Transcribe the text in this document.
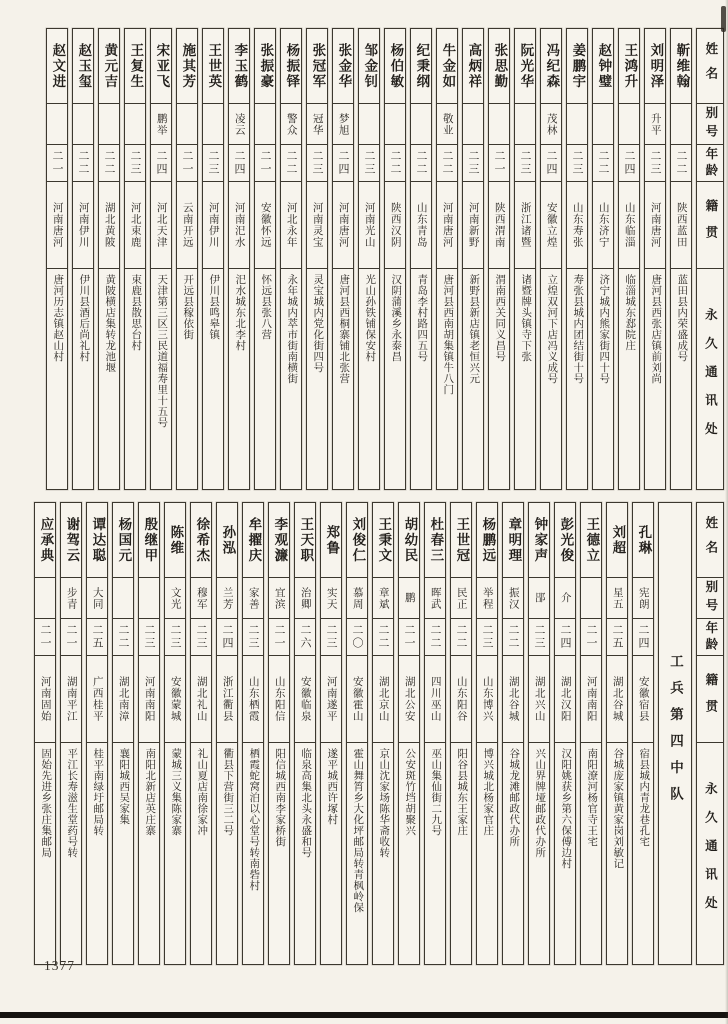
姓名
别号
年龄
籍贯
永久通讯处
靳维翰
二二
陕西蓝田
蓝田县内荣盛成号
刘明泽
升平
二三
河南唐河
唐河县西张店镇前刘尚
王鸿升
二四
山东临淄
临淄城东郄院庄
赵钟璧
二二
山东济宁
济宁城内熊家街四十号
姜鹏宇
二三
山东寿张
寿张县城内团结街十号
冯纪森
茂林
二四
安徽立煌
立煌双河下店冯义成号
阮光华
二三
浙江诸暨
诸暨牌头镇寺下张
张思勤
二一
陕西渭南
渭南西关同义昌号
高炳祥
二三
河南新野
新野县新店镇老恒兴元
牛金如
敬业
二二
河南唐河
唐河县西南胡集镇牛八门
纪秉纲
二二
山东青岛
青岛李村路四五号
杨伯敏
二二
陕西汉阴
汉阴蒲溪乡永泰昌
邹金钊
二三
河南光山
光山孙铁铺保安村
张金华
梦旭
二四
河南唐河
唐河县西桐寨铺北张营
张冠军
冠华
二三
河南灵宝
灵宝城内党化街四号
杨振铎
警众
二二
河北永年
永年城内萃市街南横街
张振豪
二一
安徽怀远
怀远县张八营
李玉鹤
凌云
二四
河南汜水
汜水城东北李村
王世英
二三
河南伊川
伊川县鸣皋镇
施其芳
二一
云南开远
开远县稼依街
宋亚飞
鹏举
二四
河北天津
天津第三区三民道福寿里十五号
王复生
二三
河北束鹿
束鹿县散思台村
黄元吉
二二
湖北黄陂
黄陂横店集转龙池堰
赵玉玺
二二
河南伊川
伊川县酒后尚礼村
赵文进
二一
河南唐河
唐河历志镇赵山村
姓名
别号
年龄
籍贯
永久通讯处
工兵第四中队
孔琳
宪朗
二四
安徽宿县
宿县城内青龙巷孔宅
刘超
星五
二五
湖北谷城
谷城庞家镇黄家岗刘敏记
王德立
二一
河南南阳
南阳潦河杨官寺王宅
彭光俊
介
二四
湖北汉阳
汉阳姚获乡第六保傅边村
钟家声
郘
二三
湖北兴山
兴山界牌垭邮政代办所
章明理
振汉
二二
湖北谷城
谷城龙滩邮政代办所
杨鹏远
举程
二三
山东博兴
博兴城北杨家官庄
王世冠
民正
二二
山东阳谷
阳谷县城东王家庄
杜春三
晖武
二二
四川巫山
巫山集仙街二九号
胡幼民
鹏
二一
湖北公安
公安斑竹垱胡聚兴
王秉文
章斌
二二
湖北京山
京山沈家场陈华斋收转
刘俊仁
慕周
二〇
安徽霍山
霍山舞筲乡大化坪邮局转青枫岭保
郑鲁
实天
二三
河南遂平
遂平城西许塚村
王天职
治卿
二六
安徽临泉
临泉高集北头永盛和号
李观濂
宜滨
二一
山东阳信
阳信城西南李家桥街
牟擢庆
家善
二三
山东栖霞
栖霞蛇窝泊以心堂号转南砦村
孙泓
兰芳
二四
浙江衢县
衢县下营街三二号
徐希杰
穆军
二三
湖北礼山
礼山夏店南徐家冲
陈维
文光
二三
安徽蒙城
蒙城三义集陈家寨
殷继甲
二三
河南南阳
南阳北新店英庄寨
杨国元
二二
湖北南漳
襄阳城西吴家集
谭达聪
大同
二五
广西桂平
桂平南绿圩邮局转
谢驾云
步青
二一
湖南平江
平江长寿滋生堂药号转
应承典
二一
河南固始
固始先进乡张庄集邮局
1377
